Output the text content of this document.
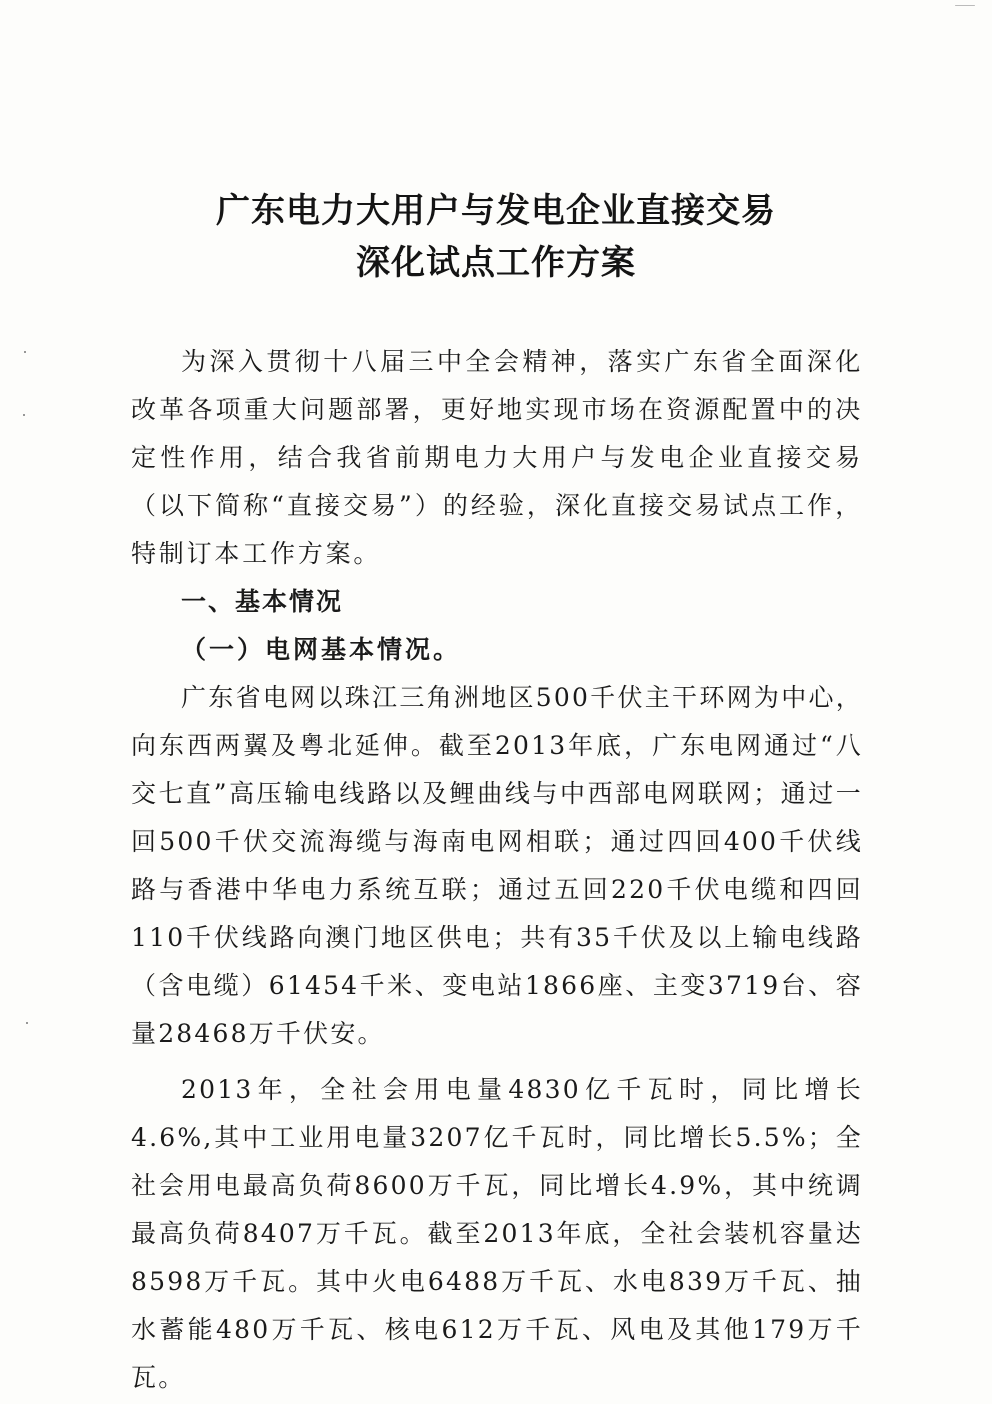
广东电力大用户与发电企业直接交易
深化试点工作方案

为深入贯彻十八届三中全会精神，落实广东省全面深化改革各项重大问题部署，更好地实现市场在资源配置中的决定性作用，结合我省前期电力大用户与发电企业直接交易（以下简称“直接交易”）的经验，深化直接交易试点工作，特制订本工作方案。

一、基本情况

（一）电网基本情况。

广东省电网以珠江三角洲地区500千伏主干环网为中心，向东西两翼及粤北延伸。截至2013年底，广东电网通过“八交七直”高压输电线路以及鲤曲线与中西部电网联网；通过一回500千伏交流海缆与海南电网相联；通过四回400千伏线路与香港中华电力系统互联；通过五回220千伏电缆和四回110千伏线路向澳门地区供电；共有35千伏及以上输电线路（含电缆）61454千米、变电站1866座、主变3719台、容量28468万千伏安。

2013年，全社会用电量4830亿千瓦时，同比增长4.6%,其中工业用电量3207亿千瓦时，同比增长5.5%；全社会用电最高负荷8600万千瓦，同比增长4.9%，其中统调最高负荷8407万千瓦。截至2013年底，全社会装机容量达8598万千瓦。其中火电6488万千瓦、水电839万千瓦、抽水蓄能480万千瓦、核电612万千瓦、风电及其他179万千瓦。
